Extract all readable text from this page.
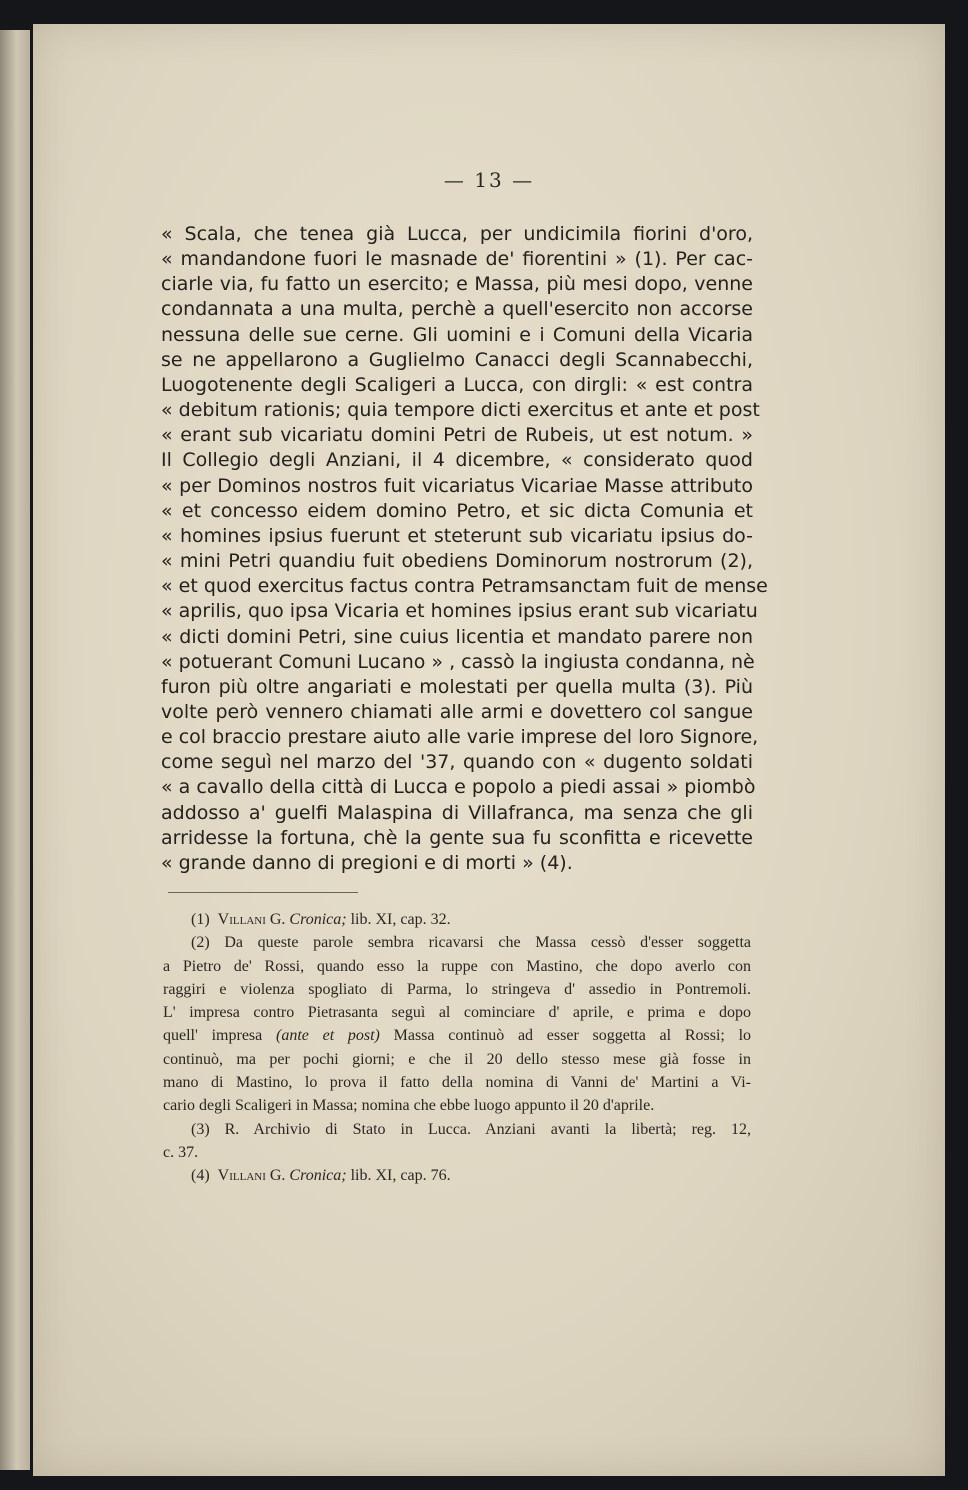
— 13 —

« Scala, che tenea già Lucca, per undicimila fiorini d'oro,
« mandandone fuori le masnade de' fiorentini » (1). Per cac-
ciarle via, fu fatto un esercito; e Massa, più mesi dopo, venne
condannata a una multa, perchè a quell'esercito non accorse
nessuna delle sue cerne. Gli uomini e i Comuni della Vicaria
se ne appellarono a Guglielmo Canacci degli Scannabecchi,
Luogotenente degli Scaligeri a Lucca, con dirgli: « est contra
« debitum rationis; quia tempore dicti exercitus et ante et post
« erant sub vicariatu domini Petri de Rubeis, ut est notum. »
Il Collegio degli Anziani, il 4 dicembre, « considerato quod
« per Dominos nostros fuit vicariatus Vicariae Masse attributo
« et concesso eidem domino Petro, et sic dicta Comunia et
« homines ipsius fuerunt et steterunt sub vicariatu ipsius do-
« mini Petri quandiu fuit obediens Dominorum nostrorum (2),
« et quod exercitus factus contra Petramsanctam fuit de mense
« aprilis, quo ipsa Vicaria et homines ipsius erant sub vicariatu
« dicti domini Petri, sine cuius licentia et mandato parere non
« potuerant Comuni Lucano » , cassò la ingiusta condanna, nè
furon più oltre angariati e molestati per quella multa (3). Più
volte però vennero chiamati alle armi e dovettero col sangue
e col braccio prestare aiuto alle varie imprese del loro Signore,
come seguì nel marzo del '37, quando con « dugento soldati
« a cavallo della città di Lucca e popolo a piedi assai » piombò
addosso a' guelfi Malaspina di Villafranca, ma senza che gli
arridesse la fortuna, chè la gente sua fu sconfitta e ricevette
« grande danno di pregioni e di morti » (4).

(1) Villani G. Cronica; lib. XI, cap. 32.

(2) Da queste parole sembra ricavarsi che Massa cessò d'esser soggetta
a Pietro de' Rossi, quando esso la ruppe con Mastino, che dopo averlo con
raggiri e violenza spogliato di Parma, lo stringeva d' assedio in Pontremoli.
L' impresa contro Pietrasanta seguì al cominciare d' aprile, e prima e dopo
quell' impresa (ante et post) Massa continuò ad esser soggetta al Rossi; lo
continuò, ma per pochi giorni; e che il 20 dello stesso mese già fosse in
mano di Mastino, lo prova il fatto della nomina di Vanni de' Martini a Vi-
cario degli Scaligeri in Massa; nomina che ebbe luogo appunto il 20 d'aprile.

(3) R. Archivio di Stato in Lucca. Anziani avanti la libertà; reg. 12,
c. 37.

(4) Villani G. Cronica; lib. XI, cap. 76.
